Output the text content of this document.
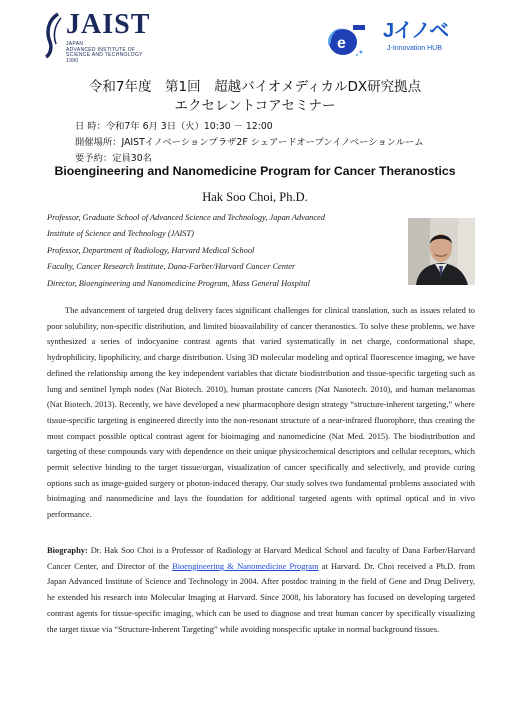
JAIST
JAPAN
ADVANCED INSTITUTE OF
SCIENCE AND TECHNOLOGY
1990
e
Jイノベ
J-Innovation HUB
令和7年度　第1回　超越バイオメディカルDX研究拠点
エクセレントコアセミナー
日 時：令和7年 6月 3日（火）10:30 － 12:00
開催場所：JAISTイノベーションプラザ2F シェアードオープンイノベーションルーム
要予約：定員30名
Bioengineering and Nanomedicine Program for Cancer Theranostics
Hak Soo Choi, Ph.D.
Professor, Graduate School of Advanced Science and Technology, Japan Advanced
Institute of Science and Technology (JAIST)
Professor, Department of Radiology, Harvard Medical School
Faculty, Cancer Research Institute, Dana-Farber/Harvard Cancer Center
Director, Bioengineering and Nanomedicine Program, Mass General Hospital

The advancement of targeted drug delivery faces significant challenges for clinical translation, such as issues related to poor solubility, non-specific distribution, and limited bioavailability of cancer theranostics. To solve these problems, we have synthesized a series of indocyanine contrast agents that varied systematically in net charge, conformational shape, hydrophilicity, lipophilicity, and charge distribution. Using 3D molecular modeling and optical fluorescence imaging, we have defined the relationship among the key independent variables that dictate biodistribution and tissue-specific targeting such as lung and sentinel lymph nodes (Nat Biotech. 2010), human prostate cancers (Nat Nanotech. 2010), and human melanomas (Nat Biotech. 2013). Recently, we have developed a new pharmacophore design strategy “structure-inherent targeting,” where tissue-specific targeting is engineered directly into the non-resonant structure of a near-infrared fluorophore, thus creating the most compact possible optical contrast agent for bioimaging and nanomedicine (Nat Med. 2015). The biodistribution and targeting of these compounds vary with dependence on their unique physicochemical descriptors and cellular receptors, which permit selective binding to the target tissue/organ, visualization of cancer specifically and selectively, and provide curing options such as image-guided surgery or photon-induced therapy. Our study solves two fundamental problems associated with bioimaging and nanomedicine and lays the foundation for additional targeted agents with optimal optical and in vivo performance.

Biography: Dr. Hak Soo Choi is a Professor of Radiology at Harvard Medical School and faculty of Dana Farber/Harvard Cancer Center, and Director of the Bioengineering & Nanomedicine Program at Harvard. Dr. Choi received a Ph.D. from Japan Advanced Institute of Science and Technology in 2004. After postdoc training in the field of Gene and Drug Delivery, he extended his research into Molecular Imaging at Harvard. Since 2008, his laboratory has focused on developing targeted contrast agents for tissue-specific imaging, which can be used to diagnose and treat human cancer by specifically visualizing the target tissue via “Structure-Inherent Targeting” while avoiding nonspecific uptake in normal background tissues.
